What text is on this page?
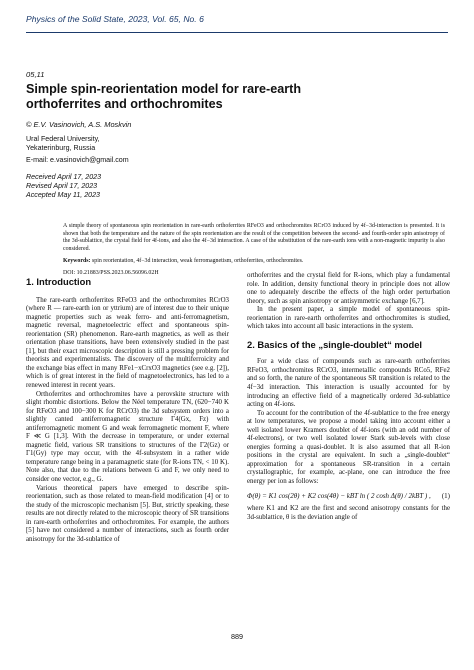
Physics of the Solid State, 2023, Vol. 65, No. 6
05,11
Simple spin-reorientation model for rare-earth orthoferrites and orthochromites
© E.V. Vasinovich, A.S. Moskvin
Ural Federal University,
Yekaterinburg, Russia
E-mail: e.vasinovich@gmail.com
Received April 17, 2023
Revised April 17, 2023
Accepted May 11, 2023

A simple theory of spontaneous spin reorientation in rare-earth orthoferrites RFeO3 and orthochromites RCrO3 induced by 4f−3d-interaction is presented. It is shown that both the temperature and the nature of the spin reorientation are the result of the competition between the second- and fourth-order spin anisotropy of the 3d-sublattice, the crystal field for 4f-ions, and also the 4f−3d interaction. A case of the substitution of the rare-earth ions with a non-magnetic impurity is also considered.

Keywords: spin reorientation, 4f−3d interaction, weak ferromagnetism, orthoferrites, orthochromites.

DOI: 10.21883/PSS.2023.06.56096.02H

1. Introduction

The rare-earth orthoferrites RFeO3 and the orthochromites RCrO3 (where R — rare-earth ion or yttrium) are of interest due to their unique magnetic properties such as weak ferro- and anti-ferromagnetism, magnetic reversal, magnetoelectric effect and spontaneous spin-reorientation (SR) phenomenon. Rare-earth magnetics, as well as their orientation phase transitions, have been extensively studied in the past [1], but their exact microscopic description is still a pressing problem for theorists and experimentalists. The discovery of the multiferroicity and the exchange bias effect in many RFe1−xCrxO3 magnetics (see e.g. [2]), which is of great interest in the field of magnetoelectronics, has led to a renewed interest in recent years.

Orthoferrites and orthochromites have a perovskite structure with slight rhombic distortions. Below the Néel temperature TN, (620−740 K for RFeO3 and 100−300 K for RCrO3) the 3d subsystem orders into a slightly canted antiferromagnetic structure Γ4(Gx, Fz) with antiferromagnetic moment G and weak ferromagnetic moment F, where F ≪ G [1,3]. With the decrease in temperature, or under external magnetic field, various SR transitions to structures of the Γ2(Gz) or Γ1(Gy) type may occur, with the 4f-subsystem in a rather wide temperature range being in a paramagnetic state (for R-ions TN, < 10 K). Note also, that due to the relations between G and F, we only need to consider one vector, e.g., G.

Various theoretical papers have emerged to describe spin-reorientation, such as those related to mean-field modification [4] or to the study of the microscopic mechanism [5]. But, strictly speaking, these results are not directly related to the microscopic theory of SR transitions in rare-earth orthoferrites and orthochromites. For example, the authors [5] have not considered a number of interactions, such as fourth order anisotropy for the 3d-sublattice of

orthoferrites and the crystal field for R-ions, which play a fundamental role. In addition, density functional theory in principle does not allow one to adequately describe the effects of the high order perturbation theory, such as spin anisotropy or antisymmetric exchange [6,7].

In the present paper, a simple model of spontaneous spin-reorientation in rare-earth orthoferrites and orthochromites is studied, which takes into account all basic interactions in the system.

2. Basics of the „single-doublet“ model

For a wide class of compounds such as rare-earth orthoferrites RFeO3, orthochromites RCrO3, intermetallic compounds RCo5, RFe2 and so forth, the nature of the spontaneous SR transition is related to the 4f−3d interaction. This interaction is usually accounted for by introducing an effective field of a magnetically ordered 3d-sublattice acting on 4f-ions.

To account for the contribution of the 4f-sublattice to the free energy at low temperatures, we propose a model taking into account either a well isolated lower Kramers doublet of 4f-ions (with an odd number of 4f-electrons), or two well isolated lower Stark sub-levels with close energies forming a quasi-doublet. It is also assumed that all R-ion positions in the crystal are equivalent. In such a „single-doublet“ approximation for a spontaneous SR-transition in a certain crystallographic, for example, ac-plane, one can introduce the free energy per ion as follows:

Φ(θ) = K1 cos(2θ) + K2 cos(4θ) − kBT ln ( 2 cosh Δ(θ) / 2kBT ) , (1)

where K1 and K2 are the first and second anisotropy constants for the 3d-sublattice, θ is the deviation angle of

889
